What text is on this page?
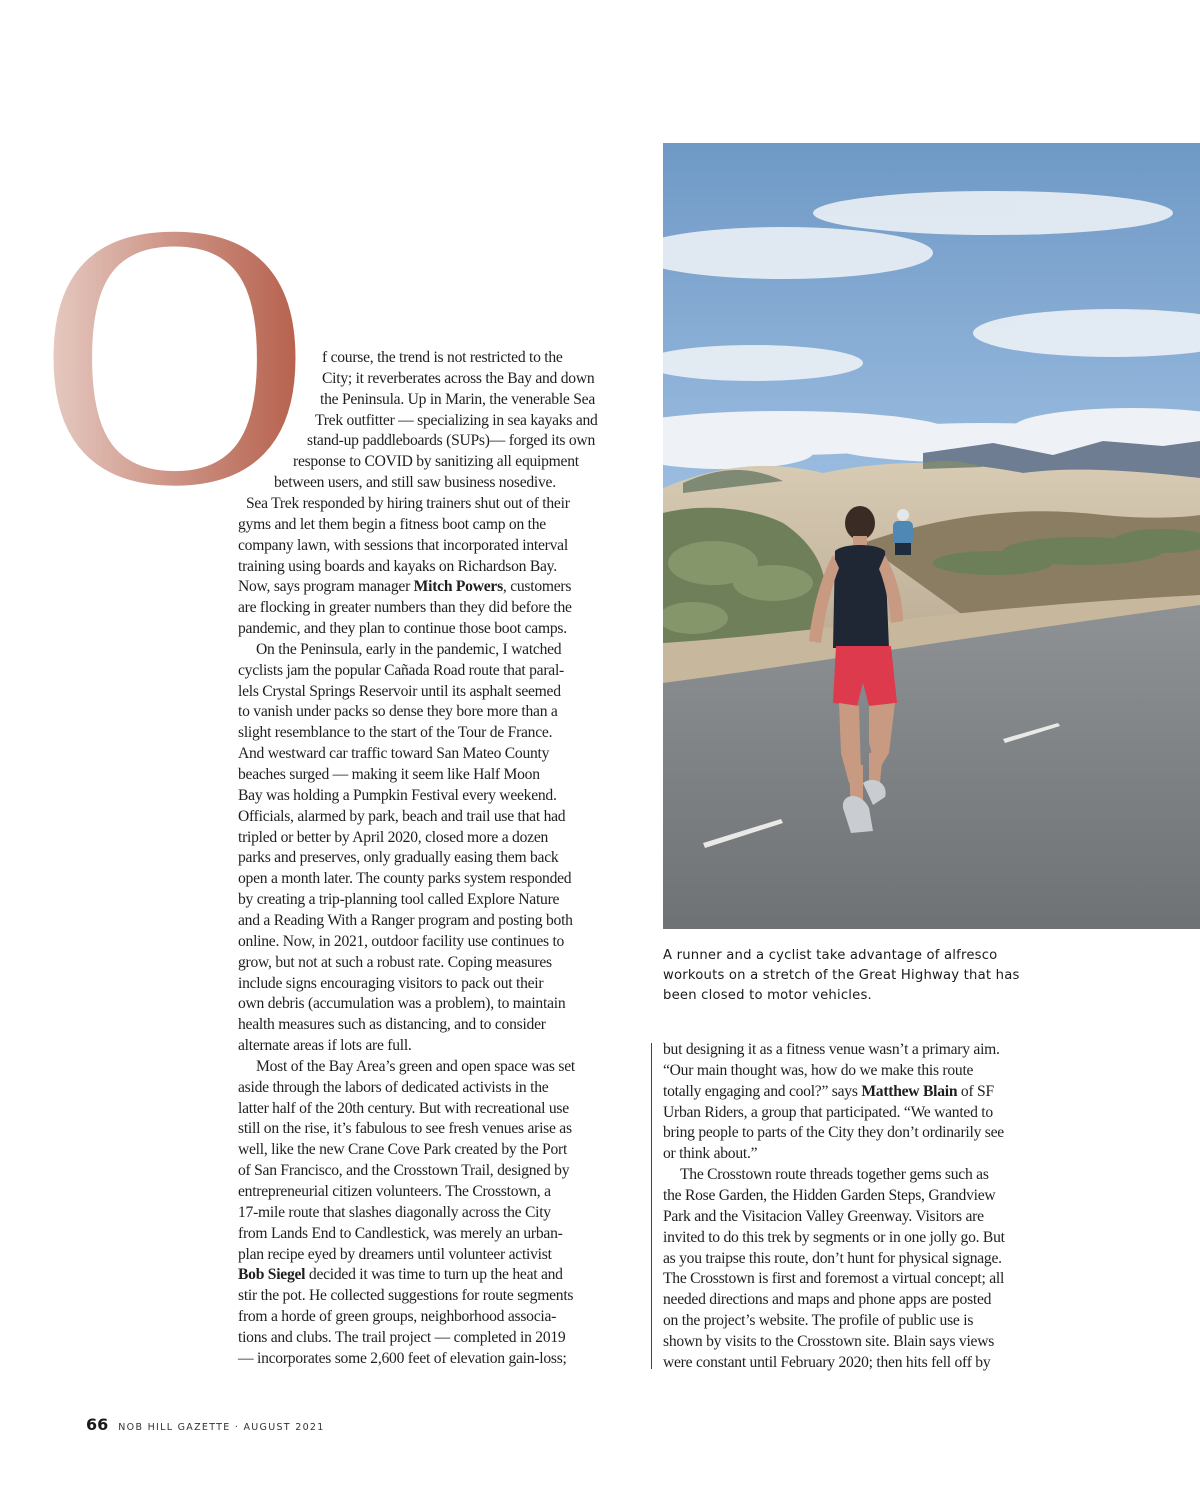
O	f course, the trend is not restricted to the
City; it reverberates across the Bay and down
the Peninsula. Up in Marin, the venerable Sea
Trek outfitter — specializing in sea kayaks and
stand-up paddleboards (SUPs)— forged its own
response to COVID by sanitizing all equipment
between users, and still saw business nosedive.
Sea Trek responded by hiring trainers shut out of their
gyms and let them begin a fitness boot camp on the
company lawn, with sessions that incorporated interval
training using boards and kayaks on Richardson Bay.
Now, says program manager Mitch Powers, customers
are flocking in greater numbers than they did before the
pandemic, and they plan to continue those boot camps.
On the Peninsula, early in the pandemic, I watched
cyclists jam the popular Cañada Road route that paral-
lels Crystal Springs Reservoir until its asphalt seemed
to vanish under packs so dense they bore more than a
slight resemblance to the start of the Tour de France.
And westward car traffic toward San Mateo County
beaches surged — making it seem like Half Moon
Bay was holding a Pumpkin Festival every weekend.
Officials, alarmed by park, beach and trail use that had
tripled or better by April 2020, closed more a dozen
parks and preserves, only gradually easing them back
open a month later. The county parks system responded
by creating a trip-planning tool called Explore Nature
and a Reading With a Ranger program and posting both
online. Now, in 2021, outdoor facility use continues to
grow, but not at such a robust rate. Coping measures
include signs encouraging visitors to pack out their
own debris (accumulation was a problem), to maintain
health measures such as distancing, and to consider
alternate areas if lots are full.
Most of the Bay Area’s green and open space was set
aside through the labors of dedicated activists in the
latter half of the 20th century. But with recreational use
still on the rise, it’s fabulous to see fresh venues arise as
well, like the new Crane Cove Park created by the Port
of San Francisco, and the Crosstown Trail, designed by
entrepreneurial citizen volunteers. The Crosstown, a
17-mile route that slashes diagonally across the City
from Lands End to Candlestick, was merely an urban-
plan recipe eyed by dreamers until volunteer activist
Bob Siegel decided it was time to turn up the heat and
stir the pot. He collected suggestions for route segments
from a horde of green groups, neighborhood associa-
tions and clubs. The trail project — completed in 2019
— incorporates some 2,600 feet of elevation gain-loss;
but designing it as a fitness venue wasn’t a primary aim.
“Our main thought was, how do we make this route
totally engaging and cool?” says Matthew Blain of SF
Urban Riders, a group that participated. “We wanted to
bring people to parts of the City they don’t ordinarily see
or think about.”
The Crosstown route threads together gems such as
the Rose Garden, the Hidden Garden Steps, Grandview
Park and the Visitacion Valley Greenway. Visitors are
invited to do this trek by segments or in one jolly go. But
as you traipse this route, don’t hunt for physical signage.
The Crosstown is first and foremost a virtual concept; all
needed directions and maps and phone apps are posted
on the project’s website. The profile of public use is
shown by visits to the Crosstown site. Blain says views
were constant until February 2020; then hits fell off by
A runner and a cyclist take advantage of alfresco
workouts on a stretch of the Great Highway that has
been closed to motor vehicles.
66 NOB HILL GAZETTE · AUGUST 2021
